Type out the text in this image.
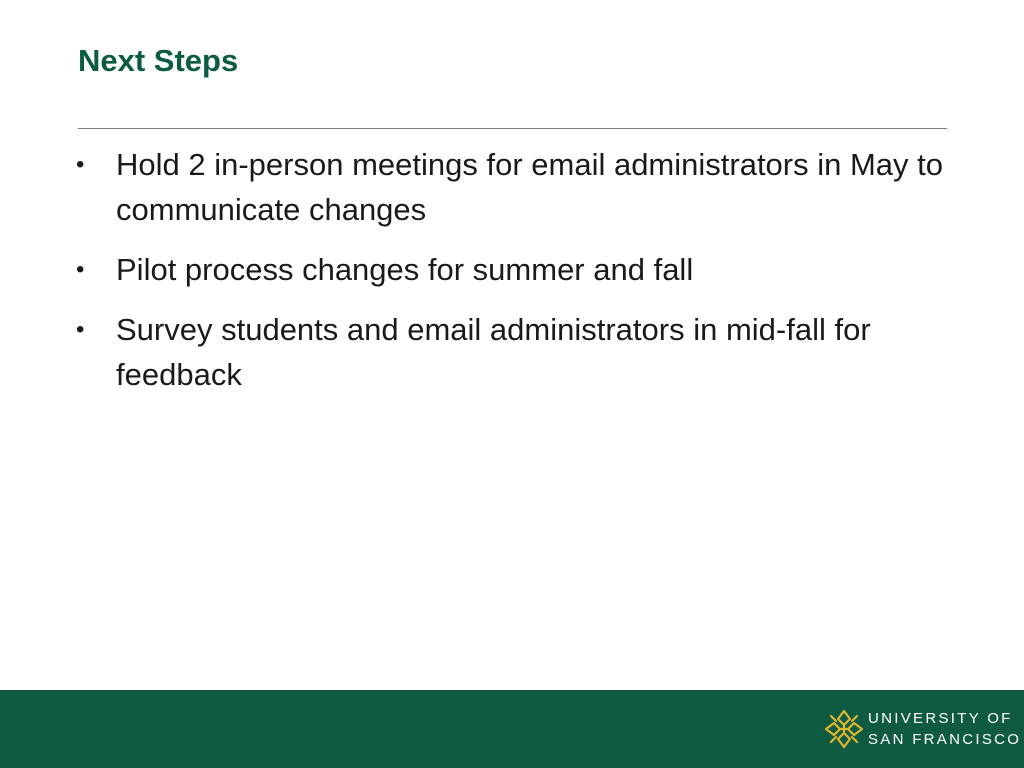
Next Steps
•	Hold 2 in-person meetings for email administrators in May to communicate changes
•	Pilot process changes for summer and fall
•	Survey students and email administrators in mid-fall for feedback
UNIVERSITY OF
SAN FRANCISCO
